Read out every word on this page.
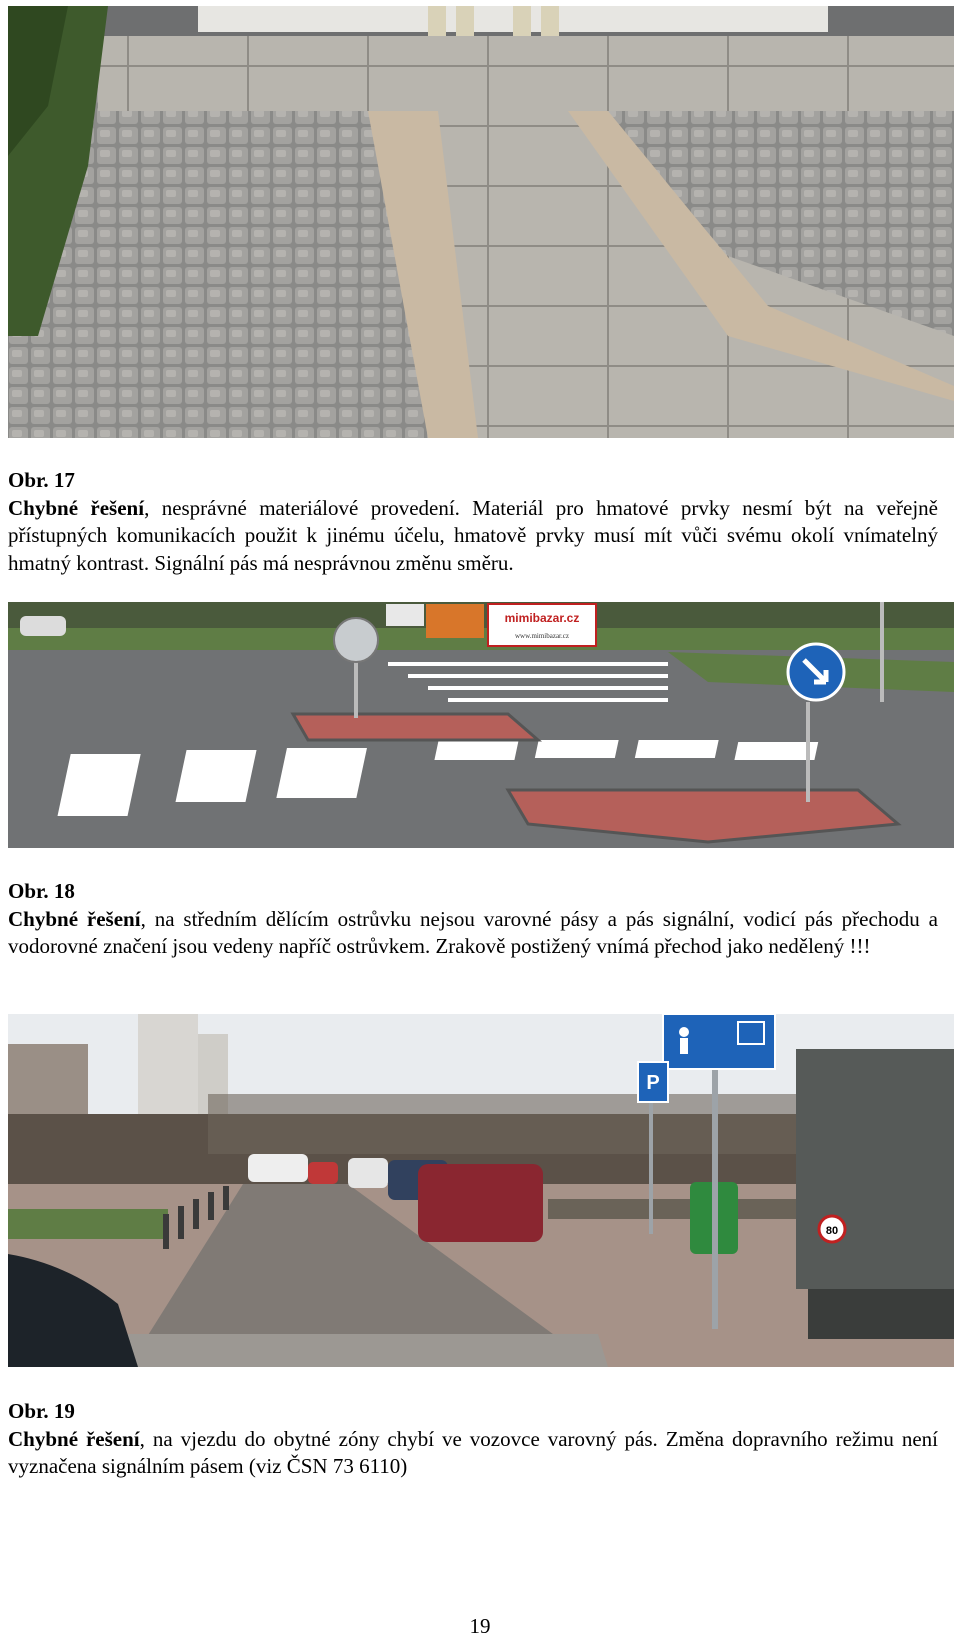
Obr. 17
Chybné řešení, nesprávné materiálové provedení. Materiál pro hmatové prvky nesmí být na veřejně přístupných komunikacích použit k jinému účelu, hmatově prvky musí mít vůči svému okolí vnímatelný hmatný kontrast. Signální pás má nesprávnou změnu směru.
mimibazar.cz
www.mimibazar.cz
Obr. 18
Chybné řešení, na středním dělícím ostrůvku nejsou varovné pásy a pás signální, vodicí pás přechodu a vodorovné značení jsou vedeny napříč ostrůvkem. Zrakově postižený vnímá přechod jako nedělený !!!
P
80
Obr. 19
Chybné řešení, na vjezdu do obytné zóny chybí ve vozovce varovný pás. Změna dopravního režimu není vyznačena signálním pásem (viz ČSN 73 6110)
19
